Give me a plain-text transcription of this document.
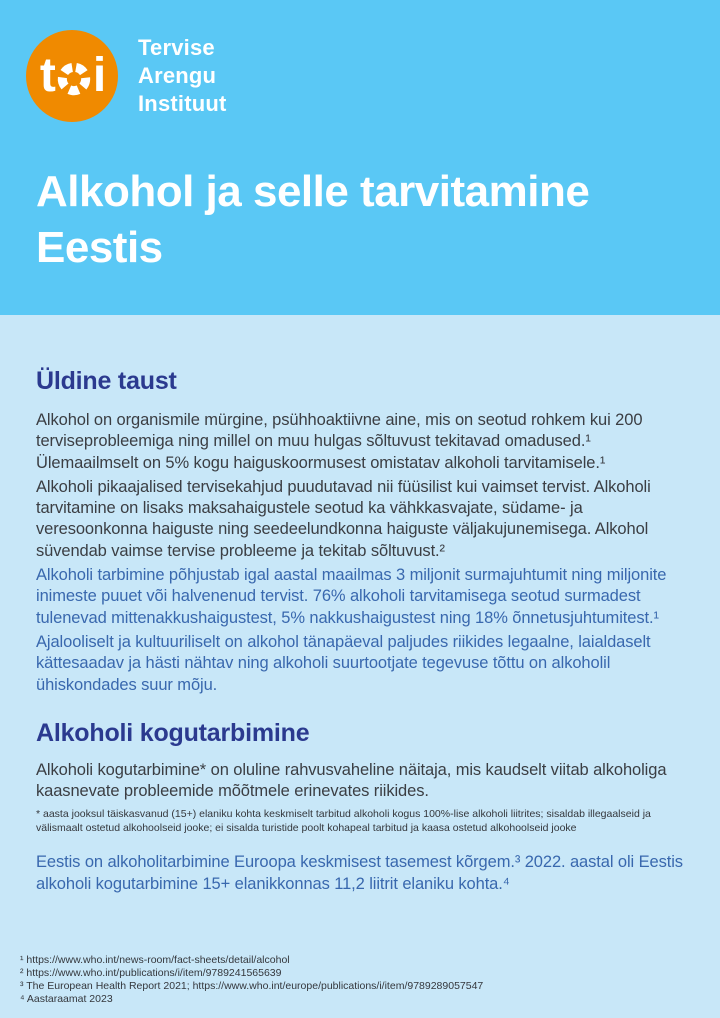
t i
Tervise
Arengu
Instituut
Alkohol ja selle tarvitamine Eestis
Üldine taust

Alkohol on organismile mürgine, psühhoaktiivne aine, mis on seotud rohkem kui 200 terviseprobleemiga ning millel on muu hulgas sõltuvust tekitavad omadused.¹ Ülemaailmselt on 5% kogu haiguskoormusest omistatav alkoholi tarvitamisele.¹

Alkoholi pikaajalised tervisekahjud puudutavad nii füüsilist kui vaimset tervist. Alkoholi tarvitamine on lisaks maksahaigustele seotud ka vähkkasvajate, südame- ja veresoonkonna haiguste ning seedeelundkonna haiguste väljakujunemisega. Alkohol süvendab vaimse tervise probleeme ja tekitab sõltuvust.²

Alkoholi tarbimine põhjustab igal aastal maailmas 3 miljonit surmajuhtumit ning miljonite inimeste puuet või halvenenud tervist. 76% alkoholi tarvitamisega seotud surmadest tulenevad mittenakkushaigustest, 5% nakkushaigustest ning 18% õnnetusjuhtumitest.¹

Ajalooliselt ja kultuuriliselt on alkohol tänapäeval paljudes riikides legaalne, laialdaselt kättesaadav ja hästi nähtav ning alkoholi suurtootjate tegevuse tõttu on alkoholil ühiskondades suur mõju.

Alkoholi kogutarbimine

Alkoholi kogutarbimine* on oluline rahvusvaheline näitaja, mis kaudselt viitab alkoholiga kaasnevate probleemide mõõtmele erinevates riikides.

* aasta jooksul täiskasvanud (15+) elaniku kohta keskmiselt tarbitud alkoholi kogus 100%-lise alkoholi liitrites; sisaldab illegaalseid ja välismaalt ostetud alkohoolseid jooke; ei sisalda turistide poolt kohapeal tarbitud ja kaasa ostetud alkohoolseid jooke

Eestis on alkoholitarbimine Euroopa keskmisest tasemest kõrgem.³ 2022. aastal oli Eestis alkoholi kogutarbimine 15+ elanikkonnas 11,2 liitrit elaniku kohta.⁴

¹ https://www.who.int/news-room/fact-sheets/detail/alcohol
² https://www.who.int/publications/i/item/9789241565639
³ The European Health Report 2021; https://www.who.int/europe/publications/i/item/9789289057547
⁴ Aastaraamat 2023
